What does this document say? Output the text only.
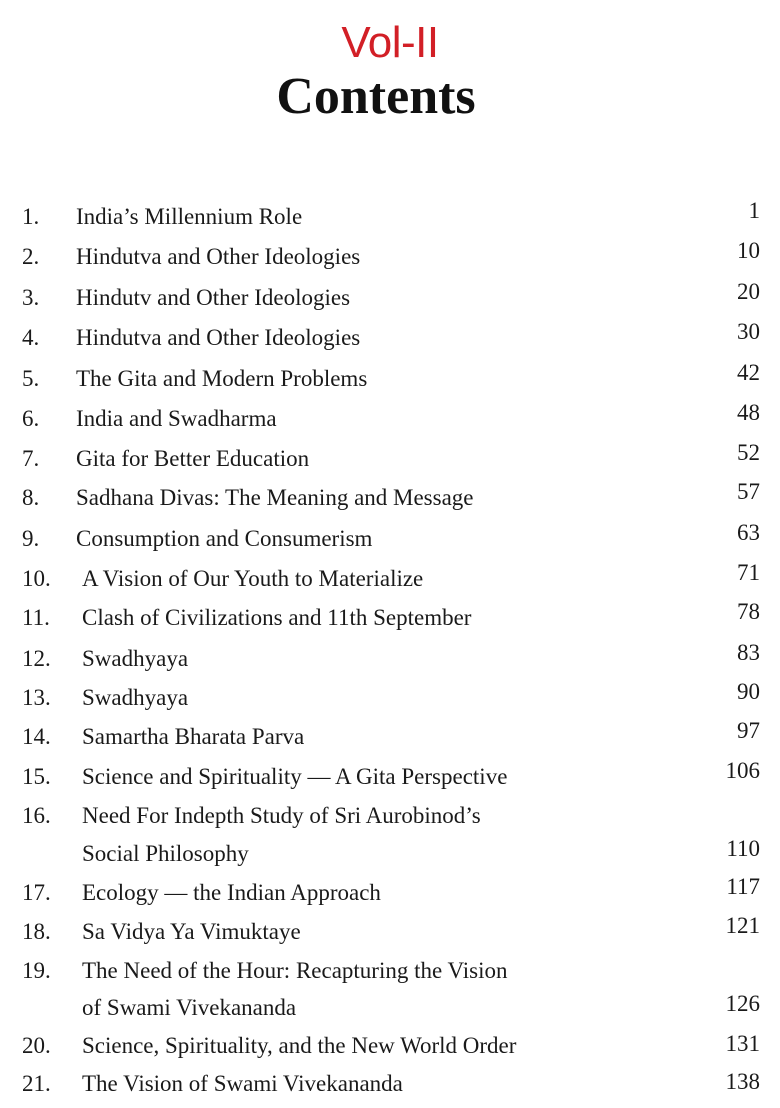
Vol-II
Contents
1.	India’s Millennium Role	1
2.	Hindutva and Other Ideologies	10
3.	Hindutv and Other Ideologies	20
4.	Hindutva and Other Ideologies	30
5.	The Gita and Modern Problems	42
6.	India and Swadharma	48
7.	Gita for Better Education	52
8.	Sadhana Divas: The Meaning and Message	57
9.	Consumption and Consumerism	63
10.	A Vision of Our Youth to Materialize	71
11.	Clash of Civilizations and 11th September	78
12.	Swadhyaya	83
13.	Swadhyaya	90
14.	Samartha Bharata Parva	97
15.	Science and Spirituality — A Gita Perspective	106
16.	Need For Indepth Study of Sri Aurobinod’s
Social Philosophy	110
17.	Ecology — the Indian Approach	117
18.	Sa Vidya Ya Vimuktaye	121
19.	The Need of the Hour: Recapturing the Vision
of Swami Vivekananda	126
20.	Science, Spirituality, and the New World Order	131
21.	The Vision of Swami Vivekananda	138
